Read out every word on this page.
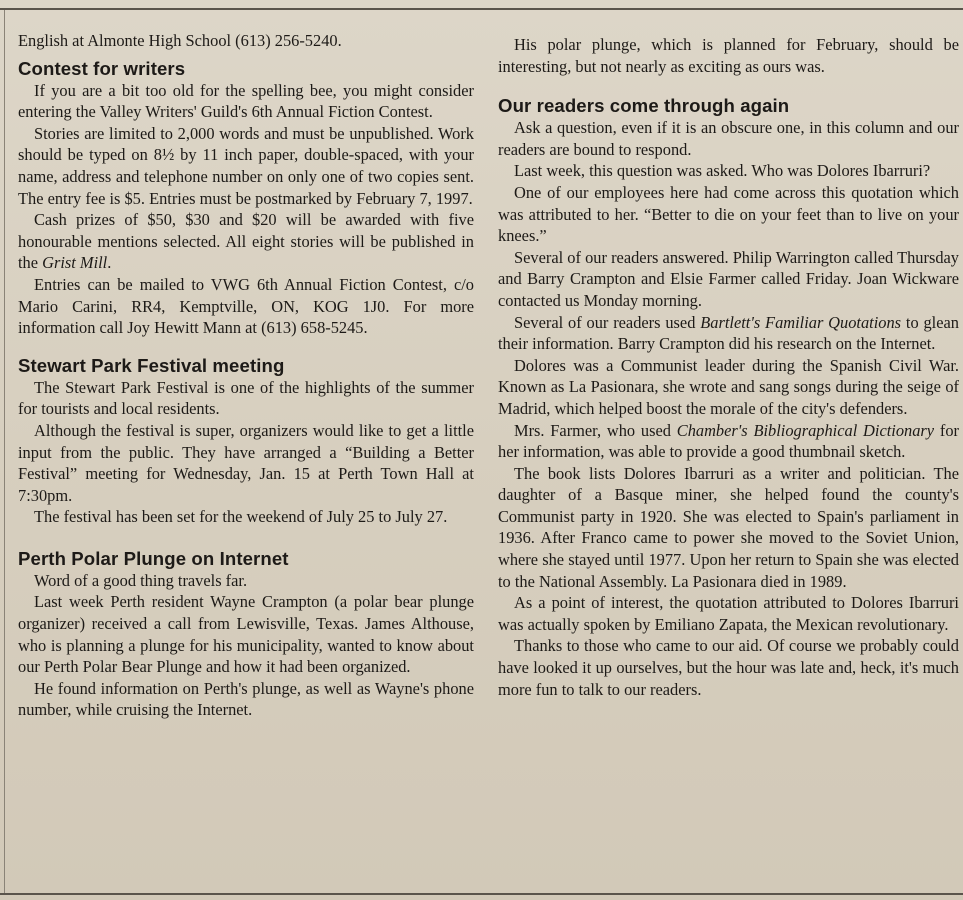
English at Almonte High School (613) 256-5240.

Contest for writers

If you are a bit too old for the spelling bee, you might consider entering the Valley Writers' Guild's 6th Annual Fiction Contest.

Stories are limited to 2,000 words and must be unpublished. Work should be typed on 8½ by 11 inch paper, double-spaced, with your name, address and telephone number on only one of two copies sent. The entry fee is $5. Entries must be postmarked by February 7, 1997.

Cash prizes of $50, $30 and $20 will be awarded with five honourable mentions selected. All eight stories will be published in the Grist Mill.

Entries can be mailed to VWG 6th Annual Fiction Contest, c/o Mario Carini, RR4, Kemptville, ON, KOG 1J0. For more information call Joy Hewitt Mann at (613) 658-5245.

Stewart Park Festival meeting

The Stewart Park Festival is one of the highlights of the summer for tourists and local residents.

Although the festival is super, organizers would like to get a little input from the public. They have arranged a “Building a Better Festival” meeting for Wednesday, Jan. 15 at Perth Town Hall at 7:30pm.

The festival has been set for the weekend of July 25 to July 27.

Perth Polar Plunge on Internet

Word of a good thing travels far.

Last week Perth resident Wayne Crampton (a polar bear plunge organizer) received a call from Lewisville, Texas. James Althouse, who is planning a plunge for his municipality, wanted to know about our Perth Polar Bear Plunge and how it had been organized.

He found information on Perth's plunge, as well as Wayne's phone number, while cruising the Internet.

His polar plunge, which is planned for February, should be interesting, but not nearly as exciting as ours was.

Our readers come through again

Ask a question, even if it is an obscure one, in this column and our readers are bound to respond.

Last week, this question was asked. Who was Dolores Ibarruri?

One of our employees here had come across this quotation which was attributed to her. “Better to die on your feet than to live on your knees.”

Several of our readers answered. Philip Warrington called Thursday and Barry Crampton and Elsie Farmer called Friday. Joan Wickware contacted us Monday morning.

Several of our readers used Bartlett's Familiar Quotations to glean their information. Barry Crampton did his research on the Internet.

Dolores was a Communist leader during the Spanish Civil War. Known as La Pasionara, she wrote and sang songs during the seige of Madrid, which helped boost the morale of the city's defenders.

Mrs. Farmer, who used Chamber's Bibliographical Dictionary for her information, was able to provide a good thumbnail sketch.

The book lists Dolores Ibarruri as a writer and politician. The daughter of a Basque miner, she helped found the county's Communist party in 1920. She was elected to Spain's parliament in 1936. After Franco came to power she moved to the Soviet Union, where she stayed until 1977. Upon her return to Spain she was elected to the National Assembly. La Pasionara died in 1989.

As a point of interest, the quotation attributed to Dolores Ibarruri was actually spoken by Emiliano Zapata, the Mexican revolutionary.

Thanks to those who came to our aid. Of course we probably could have looked it up ourselves, but the hour was late and, heck, it's much more fun to talk to our readers.
